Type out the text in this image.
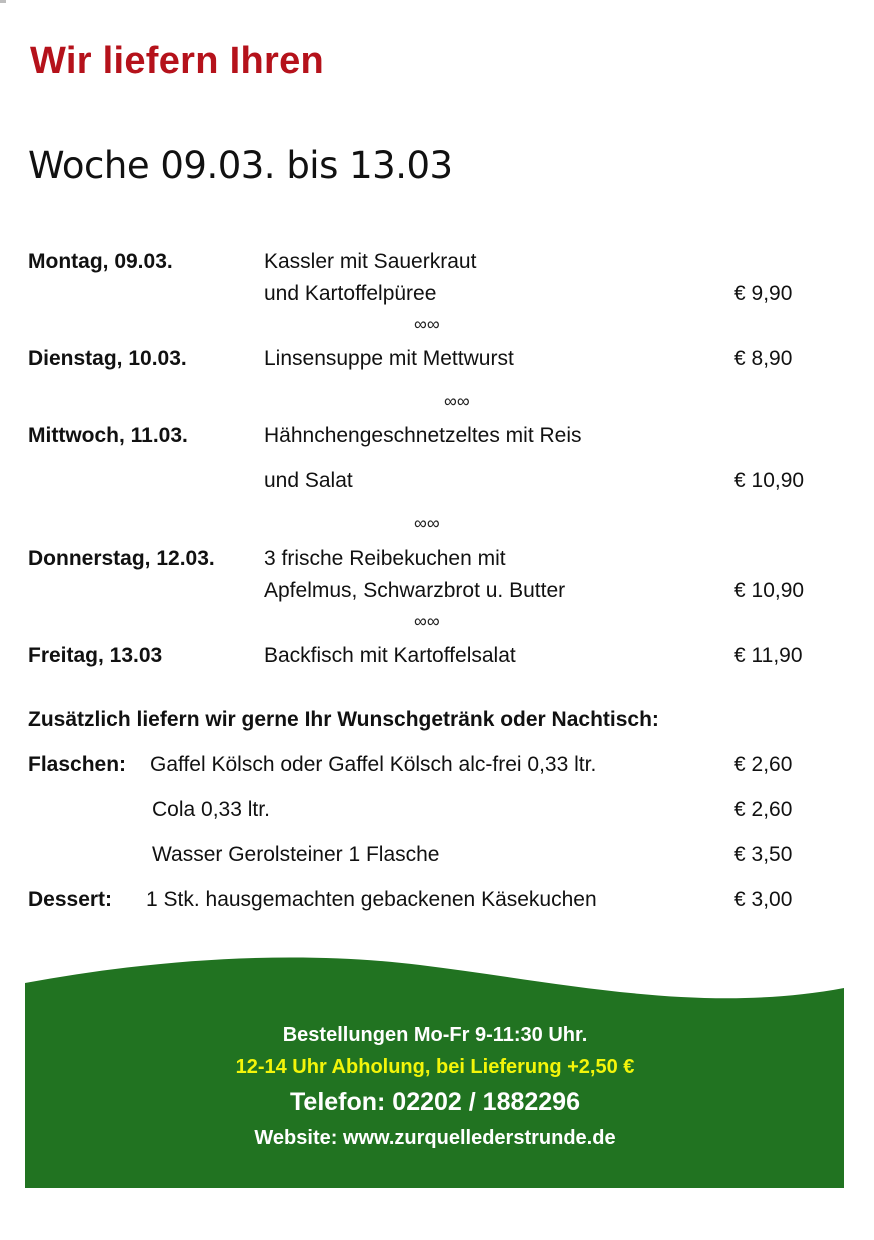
Wir liefern Ihren
Woche 09.03. bis 13.03
Montag, 09.03.	Kassler mit Sauerkraut
und Kartoffelpüree	€ 9,90
∞∞
Dienstag, 10.03.	Linsensuppe mit Mettwurst	€ 8,90
∞∞
Mittwoch, 11.03.	Hähnchengeschnetzeltes mit Reis
und Salat	€ 10,90
∞∞
Donnerstag, 12.03. 3 frische Reibekuchen mit
Apfelmus, Schwarzbrot u. Butter	€ 10,90
∞∞
Freitag, 13.03	Backfisch mit Kartoffelsalat	€ 11,90
Zusätzlich liefern wir gerne Ihr Wunschgetränk oder Nachtisch:
Flaschen: Gaffel Kölsch oder Gaffel Kölsch alc-frei 0,33 ltr.	€ 2,60
Cola 0,33 ltr.	€ 2,60
Wasser Gerolsteiner 1 Flasche	€ 3,50
Dessert: 1 Stk. hausgemachten gebackenen Käsekuchen	€ 3,00
Bestellungen Mo-Fr 9-11:30 Uhr.
12-14 Uhr Abholung, bei Lieferung +2,50 €
Telefon: 02202 / 1882296
Website: www.zurquellederstrunde.de
